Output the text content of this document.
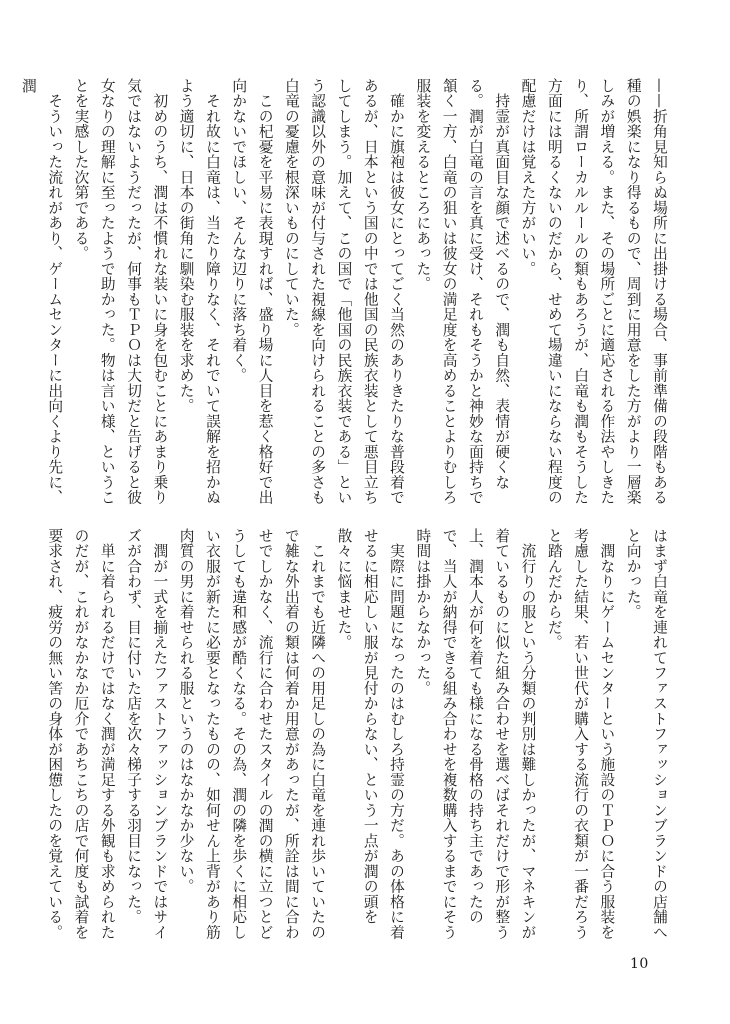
——折角見知らぬ場所に出掛ける場合、事前準備の段階もある種の娯楽になり得るもので、周到に用意をした方がより一層楽しみが増える。また、その場所ごとに適応される作法やしきたり、所謂ローカルルールの類もあろうが、白竜も潤もそうした方面には明るくないのだから、せめて場違いにならない程度の配慮だけは覚えた方がいい。

　持霊が真面目な顔で述べるので、潤も自然、表情が硬くなる。潤が白竜の言を真に受け、それもそうかと神妙な面持ちで頷く一方、白竜の狙いは彼女の満足度を高めることよりむしろ服装を変えるところにあった。

　確かに旗袍は彼女にとってごく当然のありきたりな普段着であるが、日本という国の中では他国の民族衣装として悪目立ちしてしまう。加えて、この国で「他国の民族衣装である」という認識以外の意味が付与された視線を向けられることの多さも白竜の憂慮を根深いものにしていた。

　この杞憂を平易に表現すれば、盛り場に人目を惹く格好で出向かないでほしい、そんな辺りに落ち着く。

　それ故に白竜は、当たり障りなく、それでいて誤解を招かぬよう適切に、日本の街角に馴染む服装を求めた。

　初めのうち、潤は不慣れな装いに身を包むことにあまり乗り気ではないようだったが、何事もＴＰＯは大切だと告げると彼女なりの理解に至ったようで助かった。物は言い様、ということを実感した次第である。

　そういった流れがあり、ゲームセンターに出向くより先に、潤

はまず白竜を連れてファストファッションブランドの店舗へと向かった。

　潤なりにゲームセンターという施設のＴＰＯに合う服装を考慮した結果、若い世代が購入する流行の衣類が一番だろうと踏んだからだ。

　流行りの服という分類の判別は難しかったが、マネキンが着ているものに似た組み合わせを選べばそれだけで形が整う上、潤本人が何を着ても様になる骨格の持ち主であったので、当人が納得できる組み合わせを複数購入するまでにそう時間は掛からなかった。

　実際に問題になったのはむしろ持霊の方だ。あの体格に着せるに相応しい服が見付からない、という一点が潤の頭を散々に悩ませた。

　これまでも近隣への用足しの為に白竜を連れ歩いていたので雑な外出着の類は何着か用意があったが、所詮は間に合わせでしかなく、流行に合わせたスタイルの潤の横に立つとどうしても違和感が酷くなる。その為、潤の隣を歩くに相応しい衣服が新たに必要となったものの、如何せん上背があり筋肉質の男に着せられる服というのはなかなか少ない。

　潤が一式を揃えたファストファッションブランドではサイズが合わず、目に付いた店を次々梯子する羽目になった。

　単に着られるだけではなく潤が満足する外観も求められたのだが、これがなかなか厄介であちこちの店で何度も試着を要求され、疲労の無い筈の身体が困憊したのを覚えている。

10
